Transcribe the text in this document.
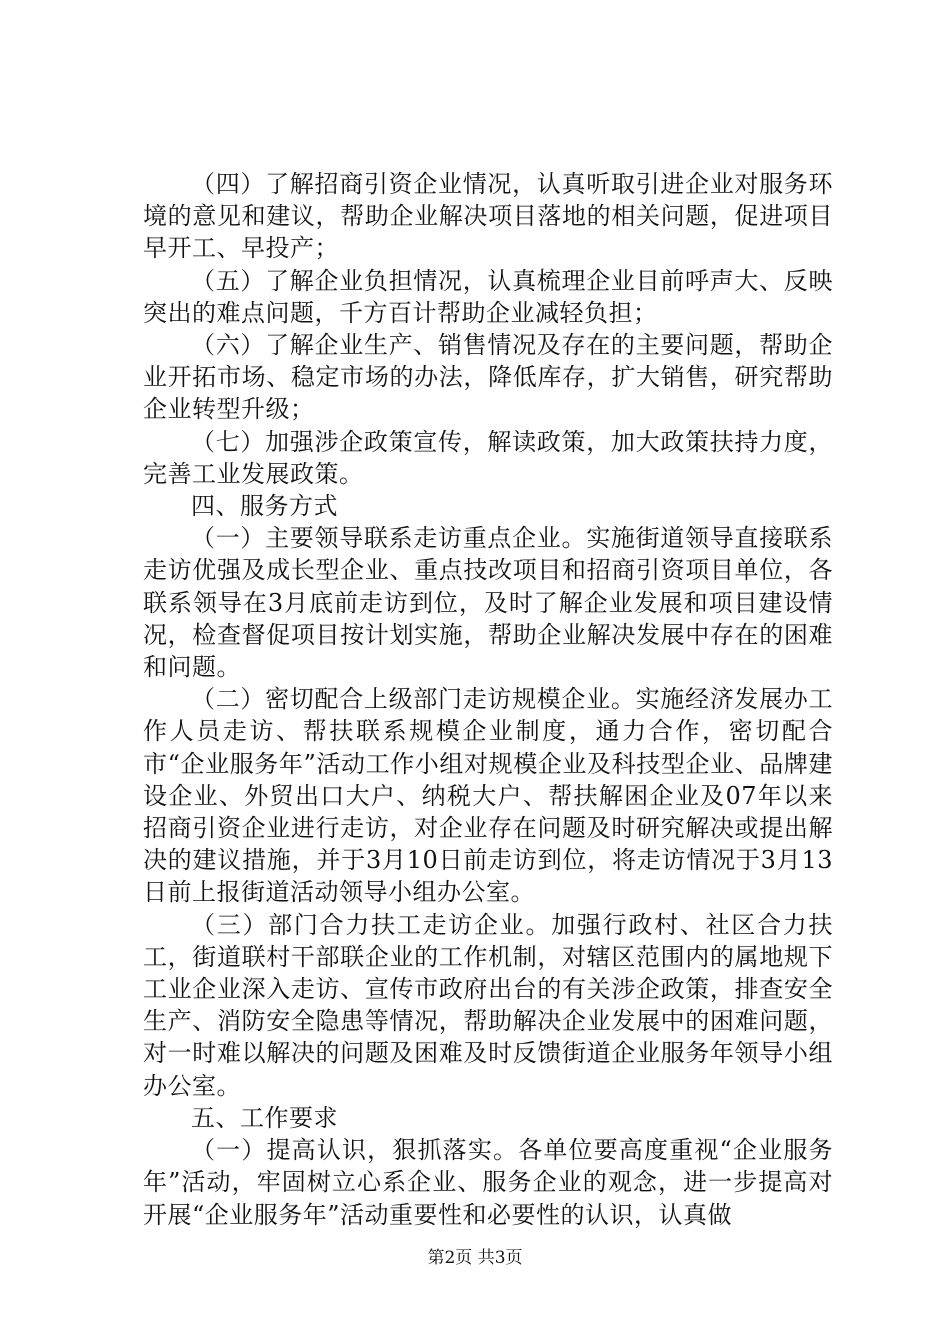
（四）了解招商引资企业情况，认真听取引进企业对服务环境的意见和建议，帮助企业解决项目落地的相关问题，促进项目早开工、早投产；

（五）了解企业负担情况，认真梳理企业目前呼声大、反映突出的难点问题，千方百计帮助企业减轻负担；

（六）了解企业生产、销售情况及存在的主要问题，帮助企业开拓市场、稳定市场的办法，降低库存，扩大销售，研究帮助企业转型升级；

（七）加强涉企政策宣传，解读政策，加大政策扶持力度，完善工业发展政策。

四、服务方式

（一）主要领导联系走访重点企业。实施街道领导直接联系走访优强及成长型企业、重点技改项目和招商引资项目单位，各联系领导在3月底前走访到位，及时了解企业发展和项目建设情况，检查督促项目按计划实施，帮助企业解决发展中存在的困难和问题。

（二）密切配合上级部门走访规模企业。实施经济发展办工作人员走访、帮扶联系规模企业制度，通力合作，密切配合市“企业服务年”活动工作小组对规模企业及科技型企业、品牌建设企业、外贸出口大户、纳税大户、帮扶解困企业及07年以来招商引资企业进行走访，对企业存在问题及时研究解决或提出解决的建议措施，并于3月10日前走访到位，将走访情况于3月13日前上报街道活动领导小组办公室。

（三）部门合力扶工走访企业。加强行政村、社区合力扶工，街道联村干部联企业的工作机制，对辖区范围内的属地规下工业企业深入走访、宣传市政府出台的有关涉企政策，排查安全生产、消防安全隐患等情况，帮助解决企业发展中的困难问题，对一时难以解决的问题及困难及时反馈街道企业服务年领导小组办公室。

五、工作要求

（一）提高认识，狠抓落实。各单位要高度重视“企业服务年”活动，牢固树立心系企业、服务企业的观念，进一步提高对开展“企业服务年”活动重要性和必要性的认识，认真做

第2页 共3页
